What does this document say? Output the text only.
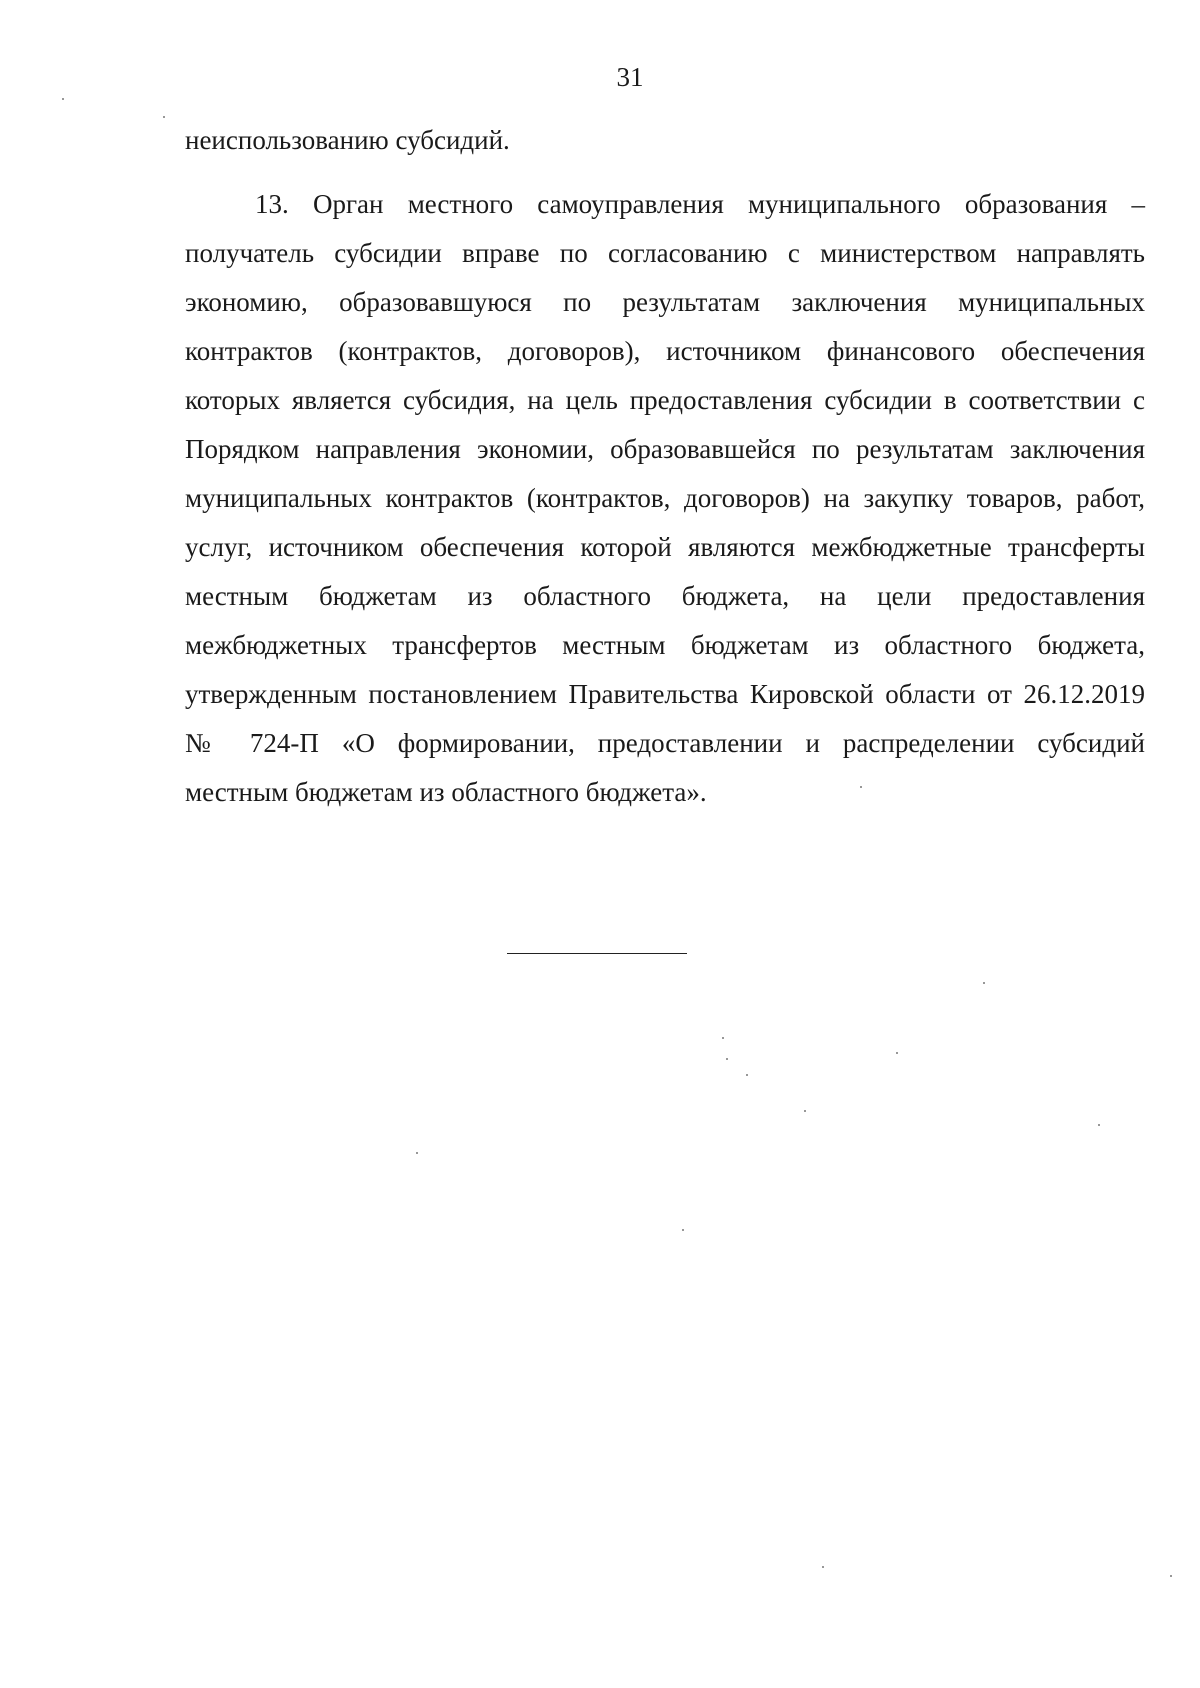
31
неиспользованию субсидий.
13. Орган местного самоуправления муниципального образования –
получатель субсидии вправе по согласованию с министерством направлять
экономию, образовавшуюся по результатам заключения муниципальных
контрактов (контрактов, договоров), источником финансового обеспечения
которых является субсидия, на цель предоставления субсидии в соответствии с
Порядком направления экономии, образовавшейся по результатам заключения
муниципальных контрактов (контрактов, договоров) на закупку товаров, работ,
услуг, источником обеспечения которой являются межбюджетные трансферты
местным бюджетам из областного бюджета, на цели предоставления
межбюджетных трансфертов местным бюджетам из областного бюджета,
утвержденным постановлением Правительства Кировской области от 26.12.2019
№ 724-П «О формировании, предоставлении и распределении субсидий
местным бюджетам из областного бюджета».
